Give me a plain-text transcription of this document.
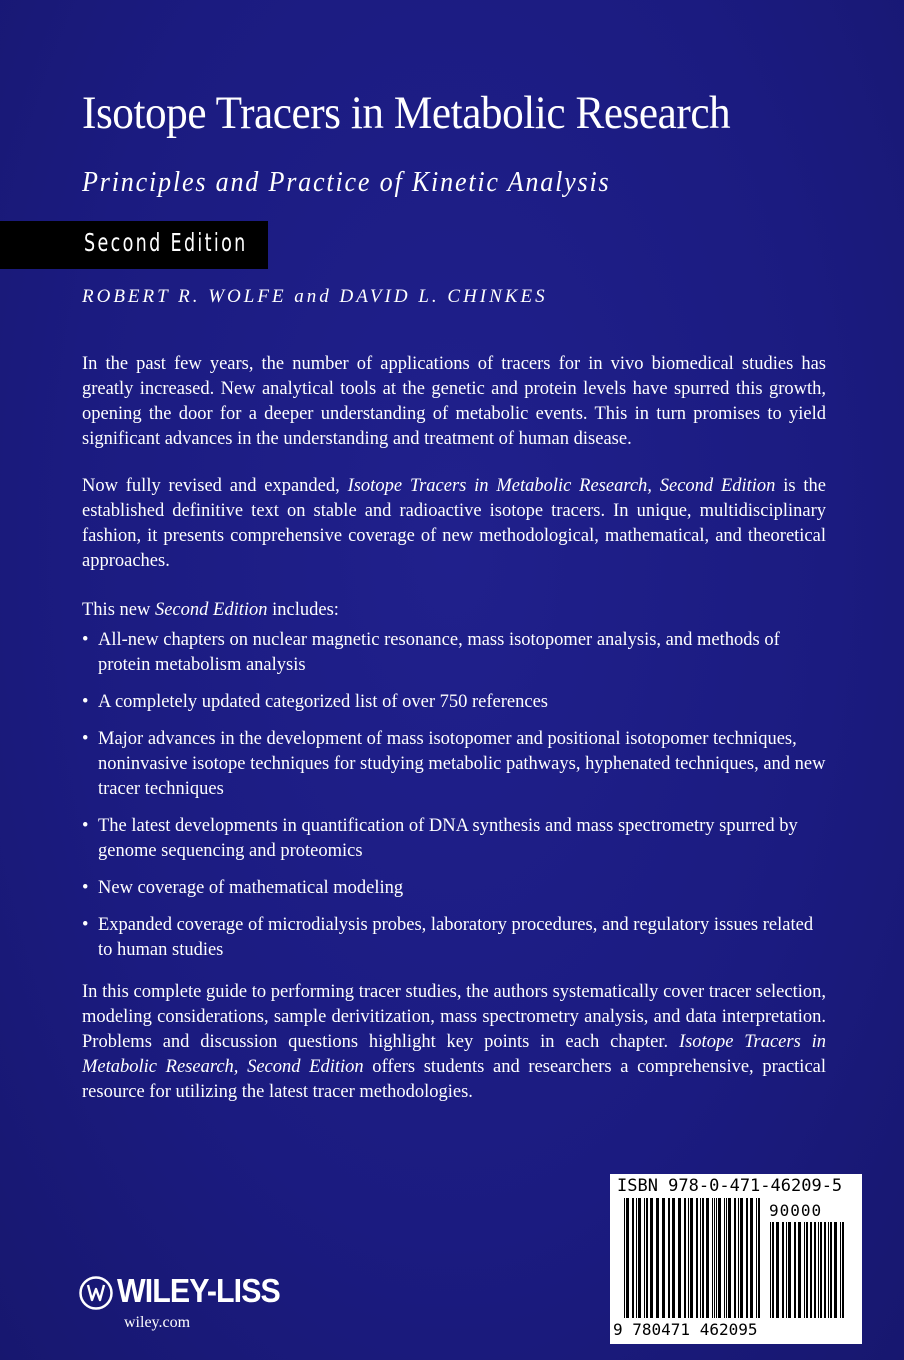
Isotope Tracers in Metabolic Research
Principles and Practice of Kinetic Analysis
Second Edition
ROBERT R. WOLFE and DAVID L. CHINKES
In the past few years, the number of applications of tracers for in vivo biomedical studies has greatly increased. New analytical tools at the genetic and protein levels have spurred this growth, opening the door for a deeper understanding of metabolic events. This in turn promises to yield significant advances in the understanding and treatment of human disease.
Now fully revised and expanded, Isotope Tracers in Metabolic Research, Second Edition is the established definitive text on stable and radioactive isotope tracers. In unique, multidisciplinary fashion, it presents comprehensive coverage of new methodological, mathematical, and theoretical approaches.
This new Second Edition includes:
• All-new chapters on nuclear magnetic resonance, mass isotopomer analysis, and methods of protein metabolism analysis
• A completely updated categorized list of over 750 references
• Major advances in the development of mass isotopomer and positional isotopomer techniques, noninvasive isotope techniques for studying metabolic pathways, hyphenated techniques, and new tracer techniques
• The latest developments in quantification of DNA synthesis and mass spectrometry spurred by genome sequencing and proteomics
• New coverage of mathematical modeling
• Expanded coverage of microdialysis probes, laboratory procedures, and regulatory issues related to human studies
In this complete guide to performing tracer studies, the authors systematically cover tracer selection, modeling considerations, sample derivitization, mass spectrometry analysis, and data interpretation. Problems and discussion questions highlight key points in each chapter. Isotope Tracers in Metabolic Research, Second Edition offers students and researchers a comprehensive, practical resource for utilizing the latest tracer methodologies.
WILEY-LISS
wiley.com
ISBN 978-0-471-46209-5
90000
9 780471 462095
